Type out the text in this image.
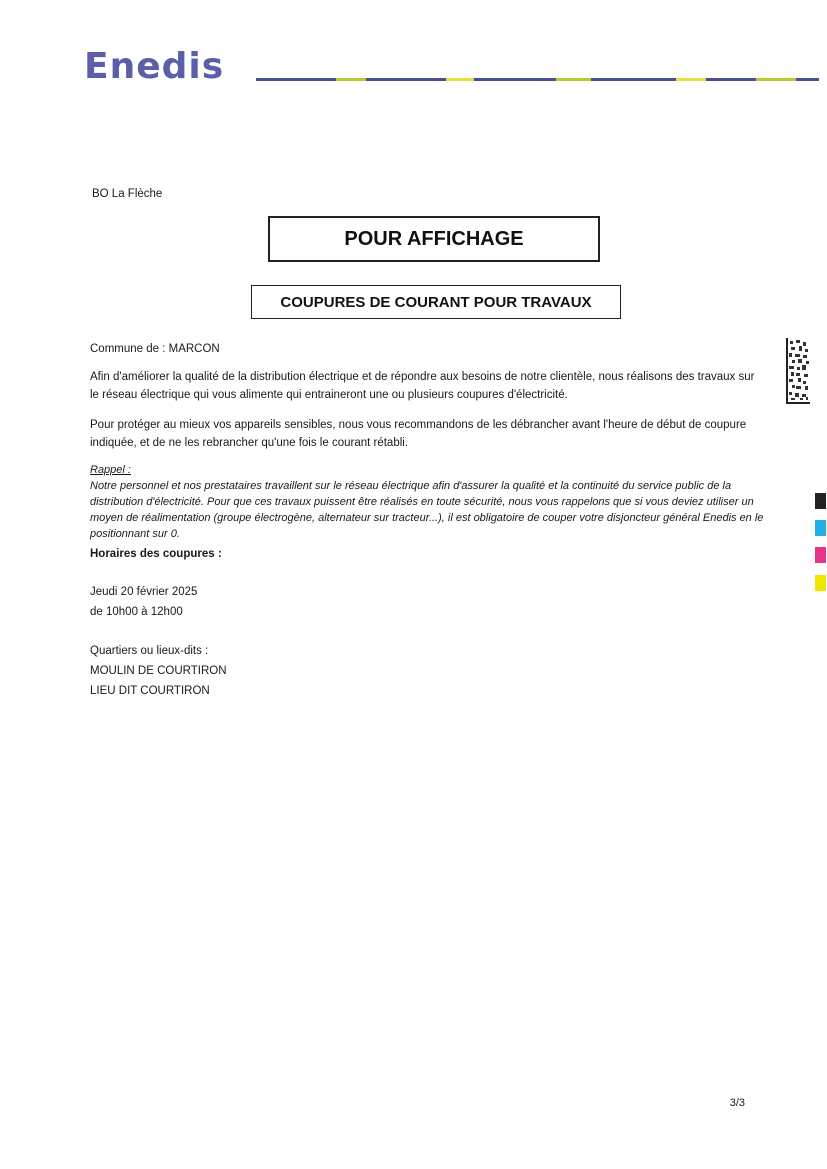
Enedis
BO La Flèche
POUR AFFICHAGE
COUPURES DE COURANT POUR TRAVAUX
Commune de : MARCON
Afin d'améliorer la qualité de la distribution électrique et de répondre aux besoins de notre clientèle, nous réalisons des travaux sur le réseau électrique qui vous alimente qui entraineront une ou plusieurs coupures d'électricité.
Pour protéger au mieux vos appareils sensibles, nous vous recommandons de les débrancher avant l'heure de début de coupure indiquée, et de ne les rebrancher qu'une fois le courant rétabli.
Rappel :
Notre personnel et nos prestataires travaillent sur le réseau électrique afin d'assurer la qualité et la continuité du service public de la distribution d'électricité. Pour que ces travaux puissent être réalisés en toute sécurité, nous vous rappelons que si vous deviez utiliser un moyen de réalimentation (groupe électrogène, alternateur sur tracteur...), il est obligatoire de couper votre disjoncteur général Enedis en le positionnant sur 0.
Horaires des coupures :
Jeudi 20 février 2025
de 10h00 à 12h00
Quartiers ou lieux-dits :
MOULIN DE COURTIRON
LIEU DIT COURTIRON
3/3
